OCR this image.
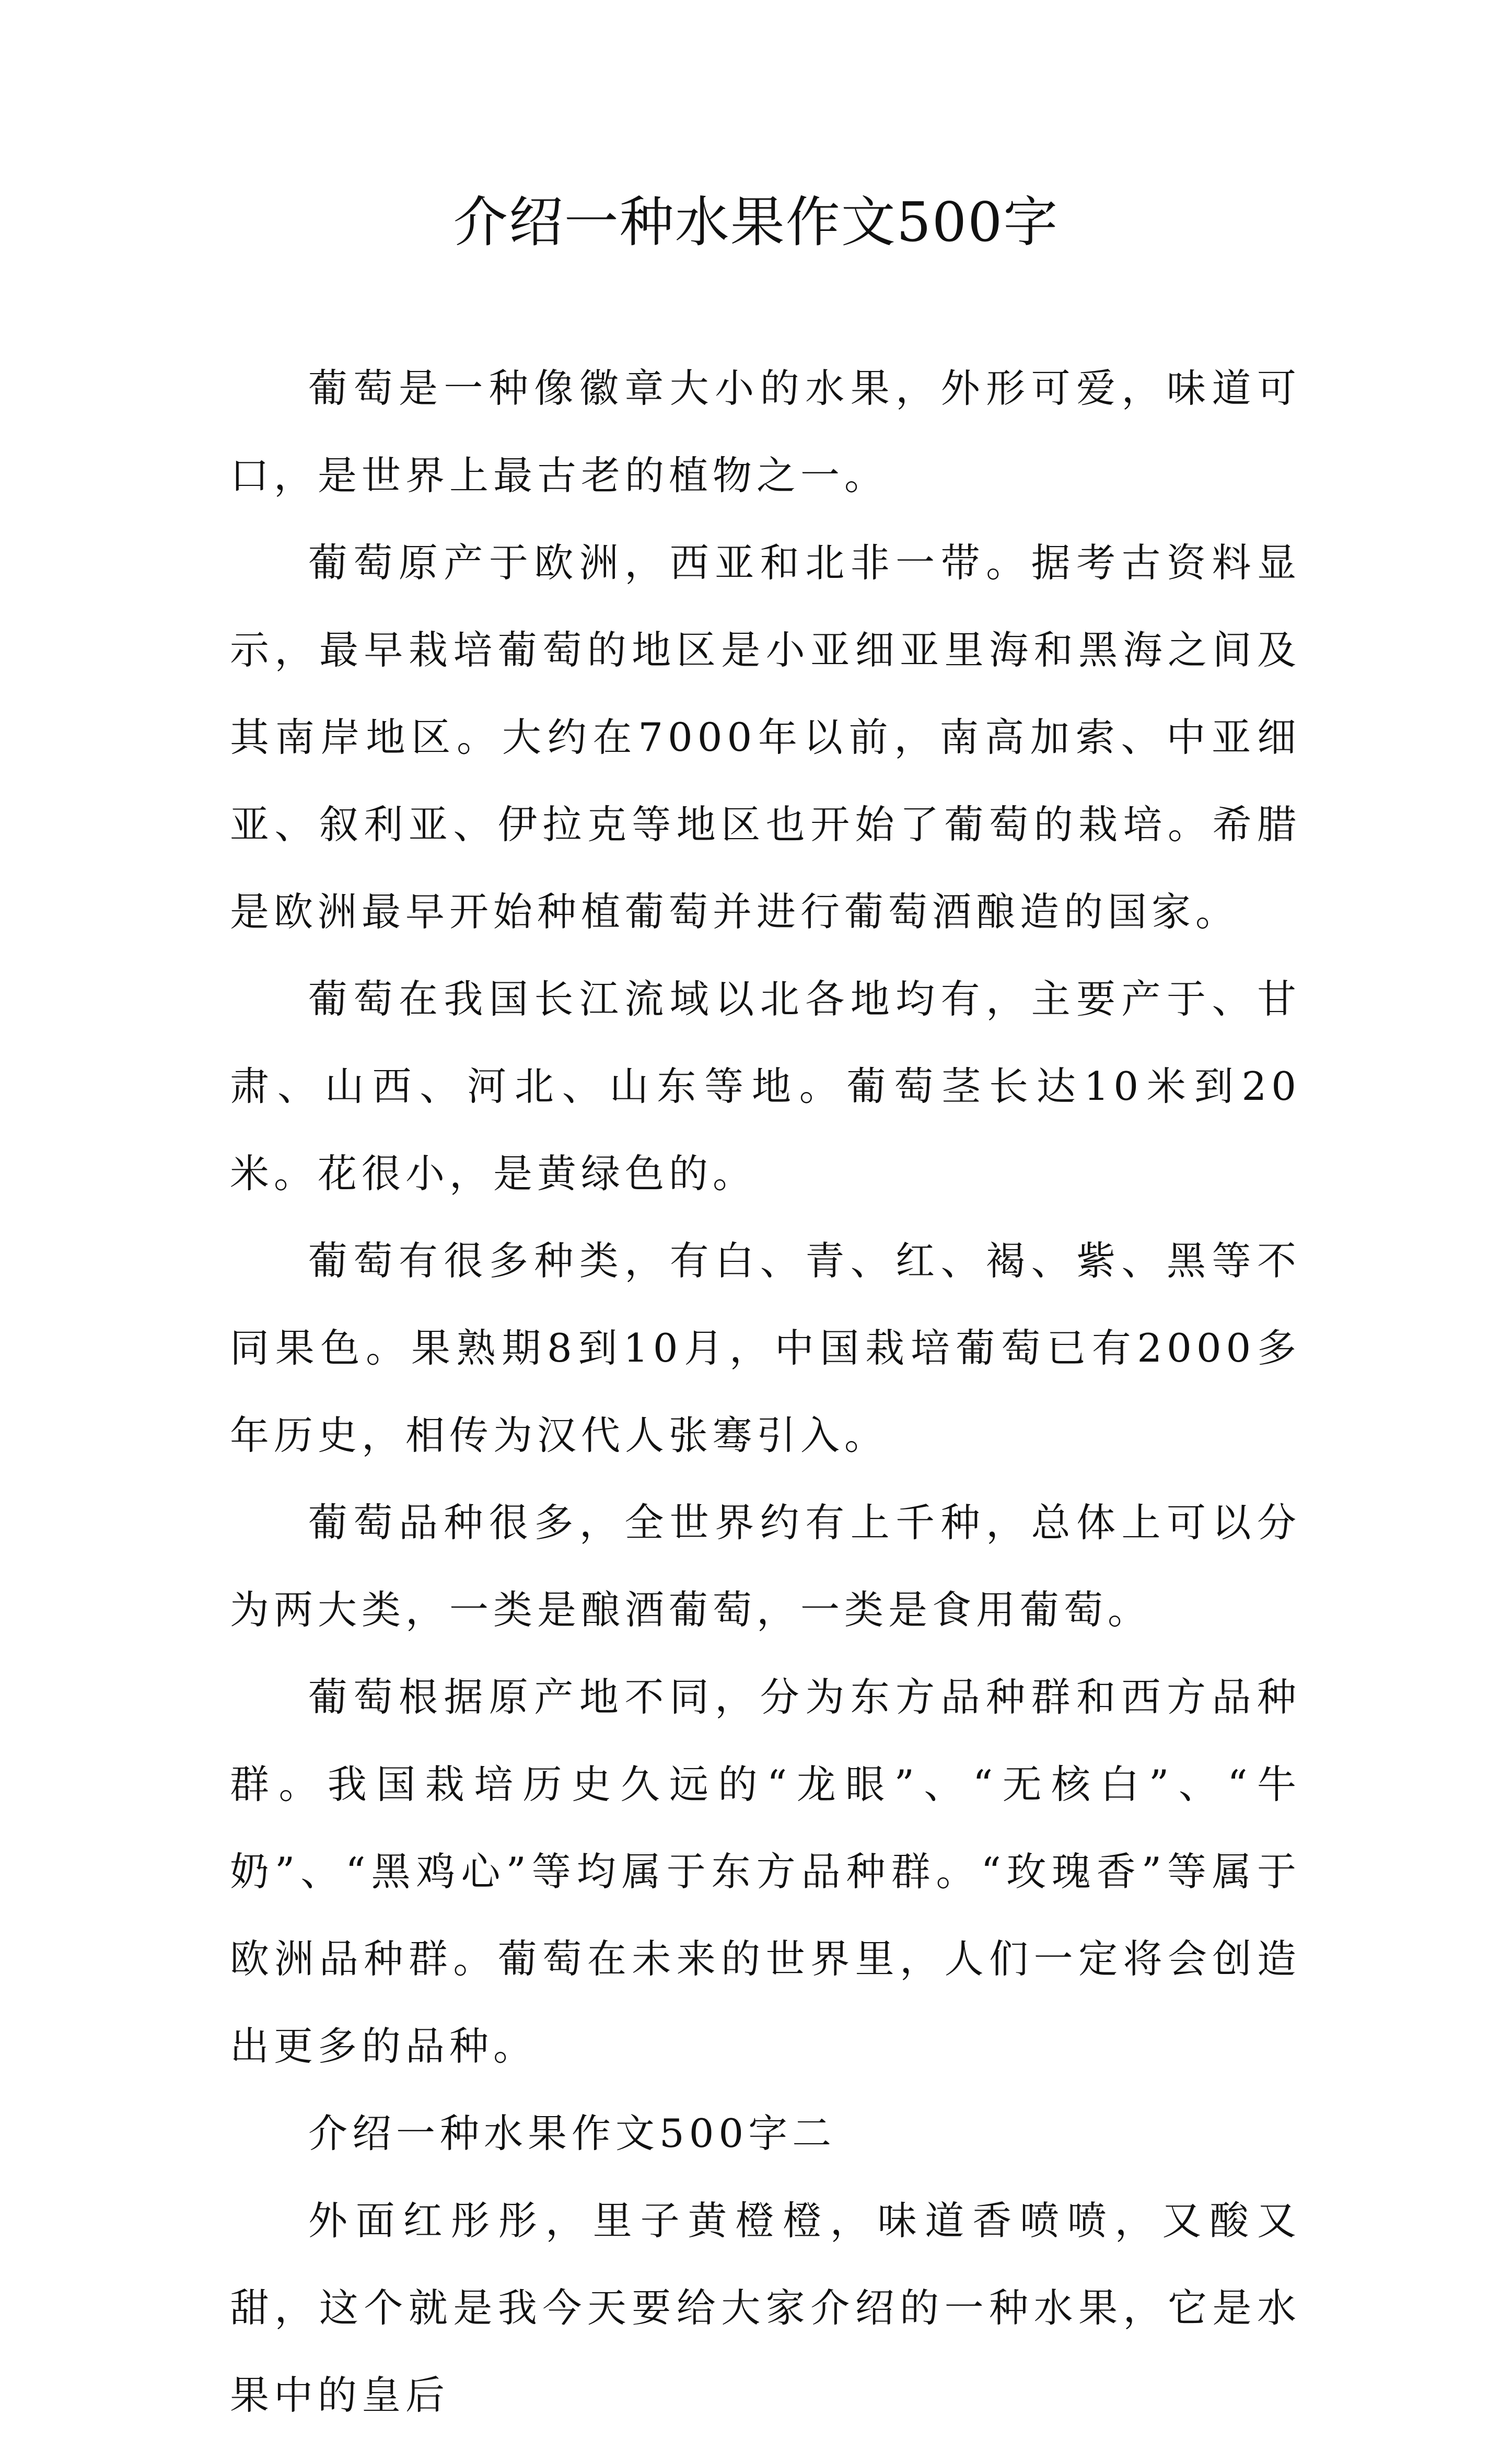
介绍一种水果作文500字

葡萄是一种像徽章大小的水果，外形可爱，味道可口，是世界上最古老的植物之一。

葡萄原产于欧洲，西亚和北非一带。据考古资料显示，最早栽培葡萄的地区是小亚细亚里海和黑海之间及其南岸地区。大约在7000年以前，南高加索、中亚细亚、叙利亚、伊拉克等地区也开始了葡萄的栽培。希腊是欧洲最早开始种植葡萄并进行葡萄酒酿造的国家。

葡萄在我国长江流域以北各地均有，主要产于、甘肃、山西、河北、山东等地。葡萄茎长达10米到20米。花很小，是黄绿色的。

葡萄有很多种类，有白、青、红、褐、紫、黑等不同果色。果熟期8到10月，中国栽培葡萄已有2000多年历史，相传为汉代人张骞引入。

葡萄品种很多，全世界约有上千种，总体上可以分为两大类，一类是酿酒葡萄，一类是食用葡萄。

葡萄根据原产地不同，分为东方品种群和西方品种群。我国栽培历史久远的“龙眼”、“无核白”、“牛奶”、“黑鸡心”等均属于东方品种群。“玫瑰香”等属于欧洲品种群。葡萄在未来的世界里，人们一定将会创造出更多的品种。

介绍一种水果作文500字二

外面红彤彤，里子黄橙橙，味道香喷喷，又酸又甜，这个就是我今天要给大家介绍的一种水果，它是水果中的皇后
